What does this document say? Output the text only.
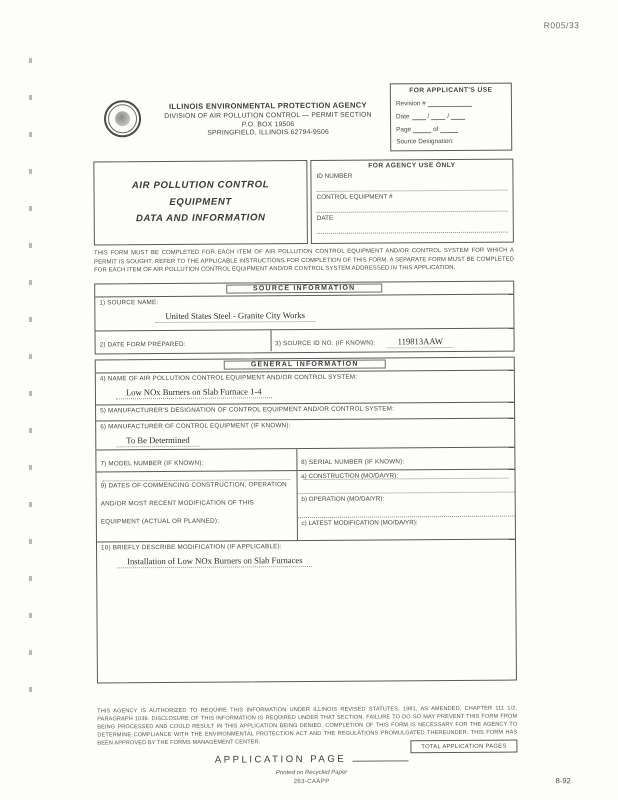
R005/33
ILLINOIS ENVIRONMENTAL PROTECTION AGENCY
DIVISION OF AIR POLLUTION CONTROL — PERMIT SECTION
P.O. BOX 19506
SPRINGFIELD, ILLINOIS 62794-9506
FOR APPLICANT'S USE
Revision #
Date	/	/
Page	of
Source Designation:
AIR POLLUTION CONTROL
EQUIPMENT
DATA AND INFORMATION
FOR AGENCY USE ONLY
ID NUMBER
CONTROL EQUIPMENT #
DATE
THIS FORM MUST BE COMPLETED FOR EACH ITEM OF AIR POLLUTION CONTROL EQUIPMENT AND/OR CONTROL SYSTEM FOR WHICH A PERMIT IS SOUGHT. REFER TO THE APPLICABLE INSTRUCTIONS FOR COMPLETION OF THIS FORM. A SEPARATE FORM MUST BE COMPLETED FOR EACH ITEM OF AIR POLLUTION CONTROL EQUIPMENT AND/OR CONTROL SYSTEM ADDRESSED IN THIS APPLICATION.
SOURCE INFORMATION
1) SOURCE NAME:
United States Steel - Granite City Works
2) DATE FORM PREPARED:	3) SOURCE ID NO. (IF KNOWN):	119813AAW
GENERAL INFORMATION
4) NAME OF AIR POLLUTION CONTROL EQUIPMENT AND/OR CONTROL SYSTEM:
Low NOx Burners on Slab Furnace 1-4
5) MANUFACTURER'S DESIGNATION OF CONTROL EQUIPMENT AND/OR CONTROL SYSTEM:
6) MANUFACTURER OF CONTROL EQUIPMENT (IF KNOWN):
To Be Determined
7) MODEL NUMBER (IF KNOWN):	8) SERIAL NUMBER (IF KNOWN):
9) DATES OF COMMENCING CONSTRUCTION, OPERATION AND/OR MOST RECENT MODIFICATION OF THIS EQUIPMENT (ACTUAL OR PLANNED):
a) CONSTRUCTION (MO/DA/YR):
b) OPERATION (MO/DA/YR):
c) LATEST MODIFICATION (MO/DA/YR):
10) BRIEFLY DESCRIBE MODIFICATION (IF APPLICABLE):
Installation of Low NOx Burners on Slab Furnaces
THIS AGENCY IS AUTHORIZED TO REQUIRE THIS INFORMATION UNDER ILLINOIS REVISED STATUTES, 1991, AS AMENDED, CHAPTER 111 1/2, PARAGRAPH 1039. DISCLOSURE OF THIS INFORMATION IS REQUIRED UNDER THAT SECTION. FAILURE TO DO SO MAY PREVENT THIS FORM FROM BEING PROCESSED AND COULD RESULT IN THIS APPLICATION BEING DENIED. COMPLETION OF THIS FORM IS NECESSARY FOR THE AGENCY TO DETERMINE COMPLIANCE WITH THE ENVIRONMENTAL PROTECTION ACT AND THE REGULATIONS PROMULGATED THEREUNDER. THIS FORM HAS BEEN APPROVED BY THE FORMS MANAGEMENT CENTER.	TOTAL APPLICATION PAGES
APPLICATION PAGE
Printed on Recycled Paper
263-CAAPP	8-92
